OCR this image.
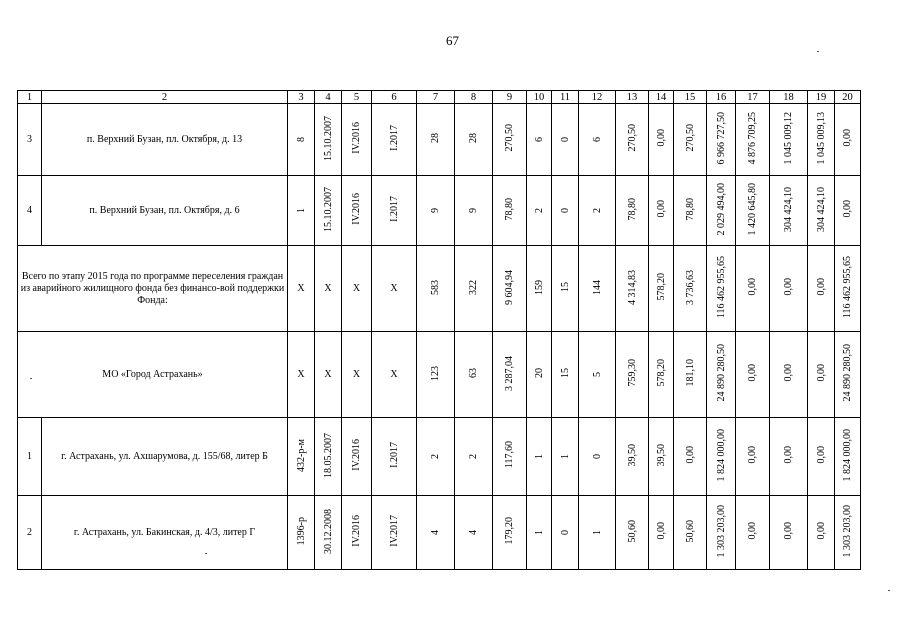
67
1	2	3	4	5	6	7	8	9	10	11	12	13	14	15	16	17	18	19	20
3	п. Верхний Бузан, пл. Октября, д. 13	8	15.10.2007	IV.2016	I.2017	28	28	270,50	6	0	6	270,50	0,00	270,50	6 966 727,50	4 876 709,25	1 045 009,12	1 045 009,13	0,00
4	п. Верхний Бузан, пл. Октября, д. 6	1	15.10.2007	IV.2016	I.2017	9	9	78,80	2	0	2	78,80	0,00	78,80	2 029 494,00	1 420 645,80	304 424,10	304 424,10	0,00
Всего по этапу 2015 года по программе переселения граждан из аварийного жилищного фонда без финансо-вой поддержки Фонда:		X	X	X	X	583	322	9 604,94	159	15	144	4 314,83	578,20	3 736,63	116 462 955,65	0,00	0,00	0,00	116 462 955,65
МО «Город Астрахань»		X	X	X	X	123	63	3 287,04	20	15	5	759,30	578,20	181,10	24 890 280,50	0,00	0,00	0,00	24 890 280,50
1	г. Астрахань, ул. Ахшарумова, д. 155/68, литер Б	432-р-м	18.05.2007	IV.2016	I.2017	2	2	117,60	1	1	0	39,50	39,50	0,00	1 824 000,00	0,00	0,00	0,00	1 824 000,00
2	г. Астрахань, ул. Бакинская, д. 4/3, литер Г	1396-р	30.12.2008	IV.2016	IV.2017	4	4	179,20	1	0	1	50,60	0,00	50,60	1 303 203,00	0,00	0,00	0,00	1 303 203,00
